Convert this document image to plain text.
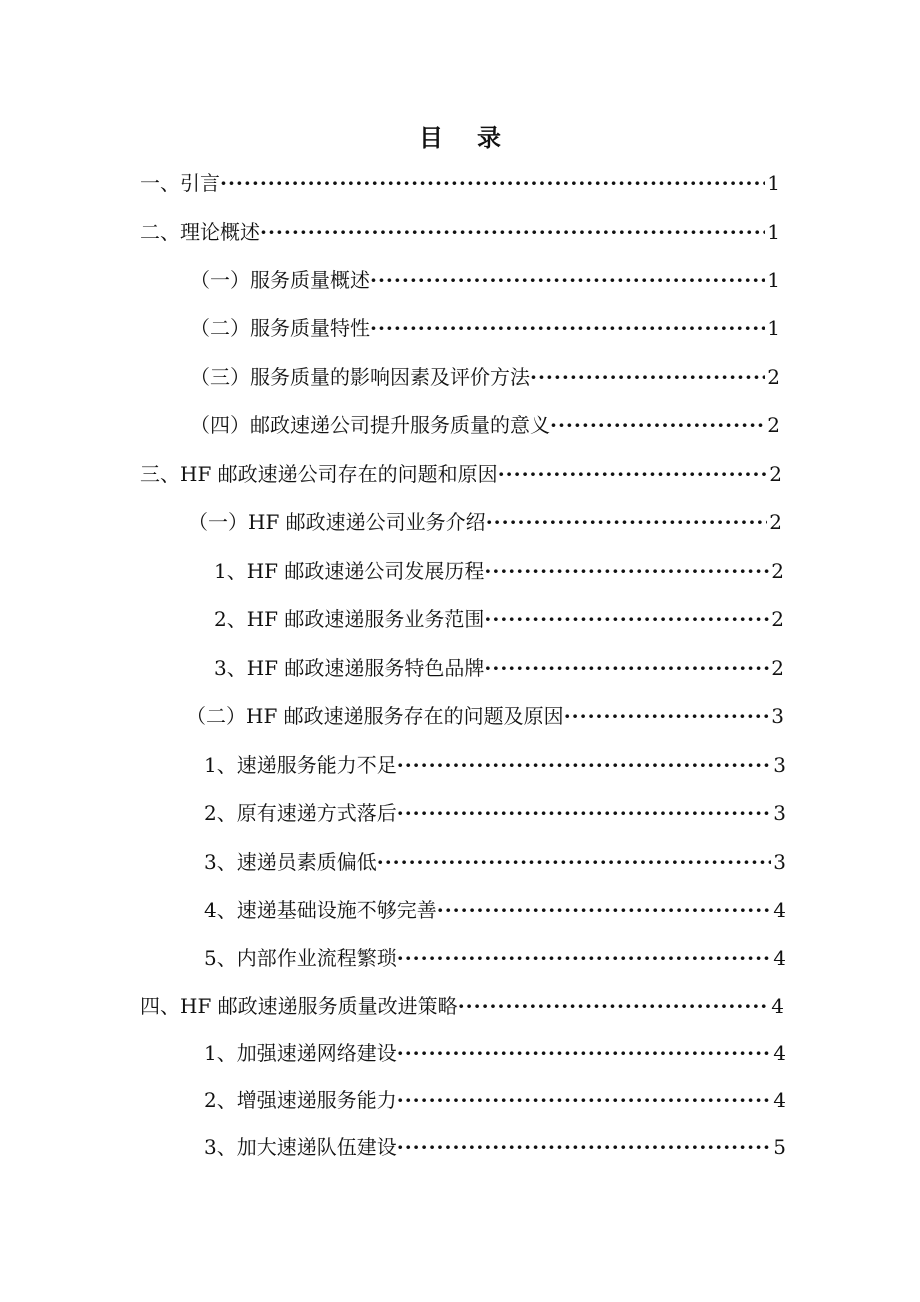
目 录
一、引言 ·····	1
二、理论概述 ·····	1
（一）服务质量概述 ·····	1
（二）服务质量特性 ·····	1
（三）服务质量的影响因素及评价方法 ·····	2
（四）邮政速递公司提升服务质量的意义 ·····	2
三、HF 邮政速递公司存在的问题和原因 ·····	2
（一）HF 邮政速递公司业务介绍 ·····	2
1、HF 邮政速递公司发展历程 ·····	2
2、HF 邮政速递服务业务范围 ·····	2
3、HF 邮政速递服务特色品牌 ·····	2
（二）HF 邮政速递服务存在的问题及原因 ·····	3
1、速递服务能力不足 ·····	3
2、原有速递方式落后 ·····	3
3、速递员素质偏低 ·····	3
4、速递基础设施不够完善 ·····	4
5、内部作业流程繁琐 ·····	4
四、HF 邮政速递服务质量改进策略 ·····	4
1、加强速递网络建设 ·····	4
2、增强速递服务能力 ·····	4
3、加大速递队伍建设 ·····	5
